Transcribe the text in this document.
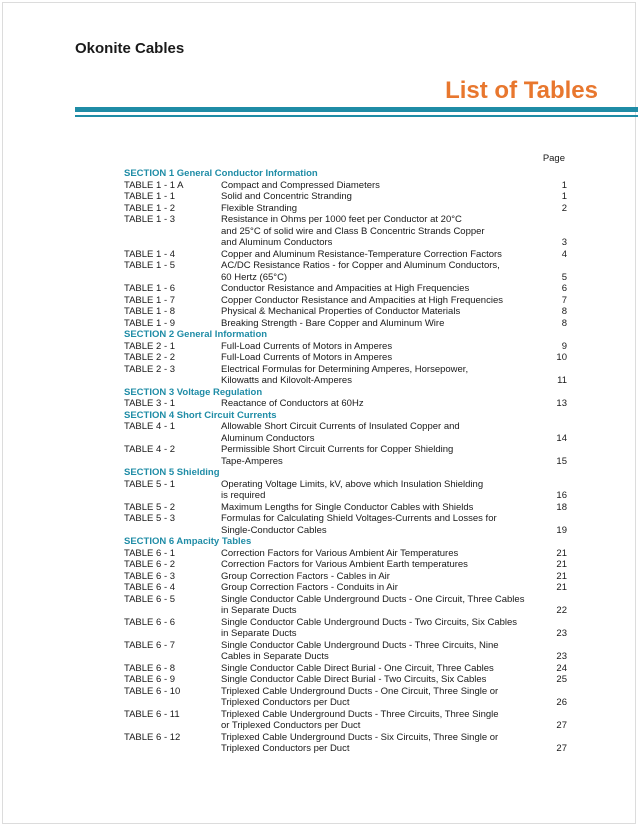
Okonite Cables
List of Tables
Page
SECTION 1 General Conductor Information
TABLE 1 - 1 A	Compact and Compressed Diameters	1
TABLE 1 - 1	Solid and Concentric Stranding	1
TABLE 1 - 2	Flexible Stranding	2
TABLE 1 - 3	Resistance in Ohms per 1000 feet per Conductor at 20°C
and 25°C of solid wire and Class B Concentric Strands Copper
and Aluminum Conductors	3
TABLE 1 - 4	Copper and Aluminum Resistance-Temperature Correction Factors	4
TABLE 1 - 5	AC/DC Resistance Ratios - for Copper and Aluminum Conductors,
60 Hertz (65°C)	5
TABLE 1 - 6	Conductor Resistance and Ampacities at High Frequencies	6
TABLE 1 - 7	Copper Conductor Resistance and Ampacities at High Frequencies	7
TABLE 1 - 8	Physical & Mechanical Properties of Conductor Materials	8
TABLE 1 - 9	Breaking Strength - Bare Copper and Aluminum Wire	8
SECTION 2 General Information
TABLE 2 - 1	Full-Load Currents of Motors in Amperes	9
TABLE 2 - 2	Full-Load Currents of Motors in Amperes	10
TABLE 2 - 3	Electrical Formulas for Determining Amperes, Horsepower,
Kilowatts and Kilovolt-Amperes	11
SECTION 3 Voltage Regulation
TABLE 3 - 1	Reactance of Conductors at 60Hz	13
SECTION 4 Short Circuit Currents
TABLE 4 - 1	Allowable Short Circuit Currents of Insulated Copper and
Aluminum Conductors	14
TABLE 4 - 2	Permissible Short Circuit Currents for Copper Shielding
Tape-Amperes	15
SECTION 5 Shielding
TABLE 5 - 1	Operating Voltage Limits, kV, above which Insulation Shielding
is required	16
TABLE 5 - 2	Maximum Lengths for Single Conductor Cables with Shields	18
TABLE 5 - 3	Formulas for Calculating Shield Voltages-Currents and Losses for
Single-Conductor Cables	19
SECTION 6 Ampacity Tables
TABLE 6 - 1	Correction Factors for Various Ambient Air Temperatures	21
TABLE 6 - 2	Correction Factors for Various Ambient Earth temperatures	21
TABLE 6 - 3	Group Correction Factors - Cables in Air	21
TABLE 6 - 4	Group Correction Factors - Conduits in Air	21
TABLE 6 - 5	Single Conductor Cable Underground Ducts - One Circuit, Three Cables
in Separate Ducts	22
TABLE 6 - 6	Single Conductor Cable Underground Ducts - Two Circuits, Six Cables
in Separate Ducts	23
TABLE 6 - 7	Single Conductor Cable Underground Ducts - Three Circuits, Nine
Cables in Separate Ducts	23
TABLE 6 - 8	Single Conductor Cable Direct Burial - One Circuit, Three Cables	24
TABLE 6 - 9	Single Conductor Cable Direct Burial - Two Circuits, Six Cables	25
TABLE 6 - 10	Triplexed Cable Underground Ducts - One Circuit, Three Single or
Triplexed Conductors per Duct	26
TABLE 6 - 11	Triplexed Cable Underground Ducts - Three Circuits, Three Single
or Triplexed Conductors per Duct	27
TABLE 6 - 12	Triplexed Cable Underground Ducts - Six Circuits, Three Single or
Triplexed Conductors per Duct	27
